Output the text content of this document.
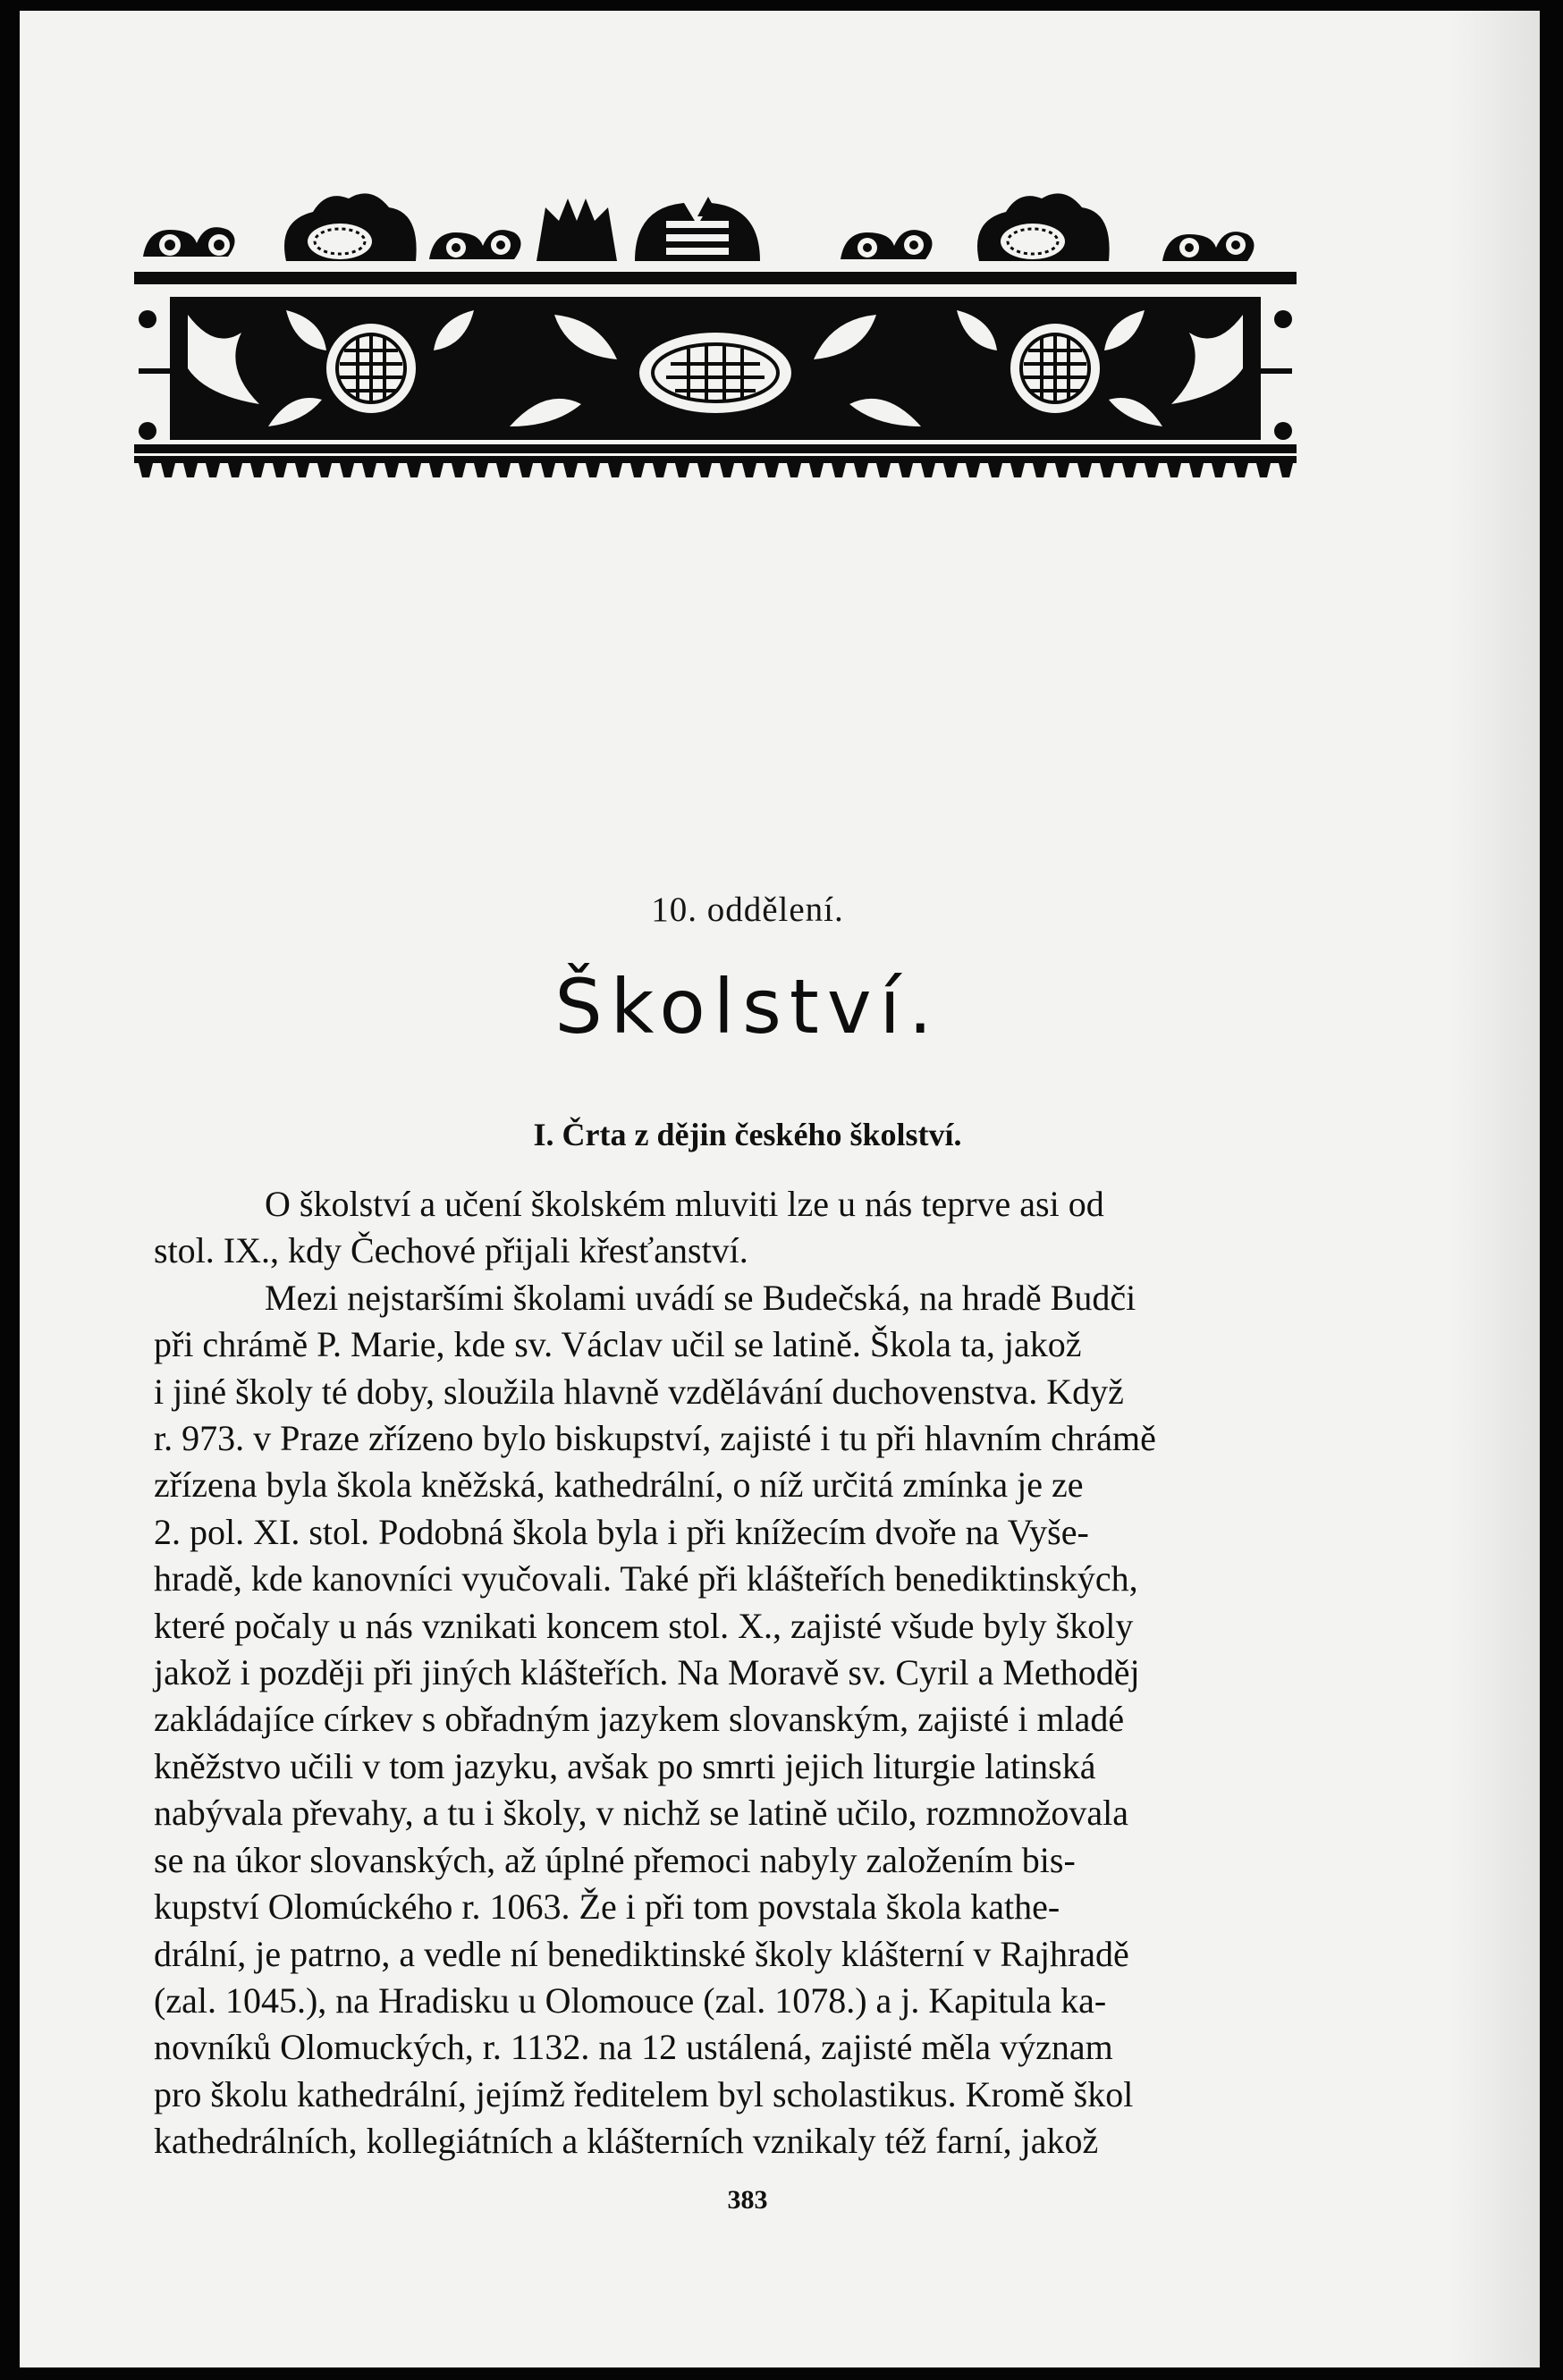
10. oddělení.
Školství.
I. Črta z dějin českého školství.
O školství a učení školském mluviti lze u nás teprve asi od
stol. IX., kdy Čechové přijali křesťanství.
Mezi nejstaršími školami uvádí se Budečská, na hradě Budči
při chrámě P. Marie, kde sv. Václav učil se latině. Škola ta, jakož
i jiné školy té doby, sloužila hlavně vzdělávání duchovenstva. Když
r. 973. v Praze zřízeno bylo biskupství, zajisté i tu při hlavním chrámě
zřízena byla škola kněžská, kathedrální, o níž určitá zmínka je ze
2. pol. XI. stol. Podobná škola byla i při knížecím dvoře na Vyše-
hradě, kde kanovníci vyučovali. Také při klášteřích benediktinských,
které počaly u nás vznikati koncem stol. X., zajisté všude byly školy
jakož i později při jiných klášteřích. Na Moravě sv. Cyril a Methoděj
zakládajíce církev s obřadným jazykem slovanským, zajisté i mladé
kněžstvo učili v tom jazyku, avšak po smrti jejich liturgie latinská
nabývala převahy, a tu i školy, v nichž se latině učilo, rozmnožovala
se na úkor slovanských, až úplné přemoci nabyly založením bis-
kupství Olomúckého r. 1063. Že i při tom povstala škola kathe-
drální, je patrno, a vedle ní benediktinské školy klášterní v Rajhradě
(zal. 1045.), na Hradisku u Olomouce (zal. 1078.) a j. Kapitula ka-
novníků Olomuckých, r. 1132. na 12 ustálená, zajisté měla význam
pro školu kathedrální, jejímž ředitelem byl scholastikus. Kromě škol
kathedrálních, kollegiátních a klášterních vznikaly též farní, jakož
383
